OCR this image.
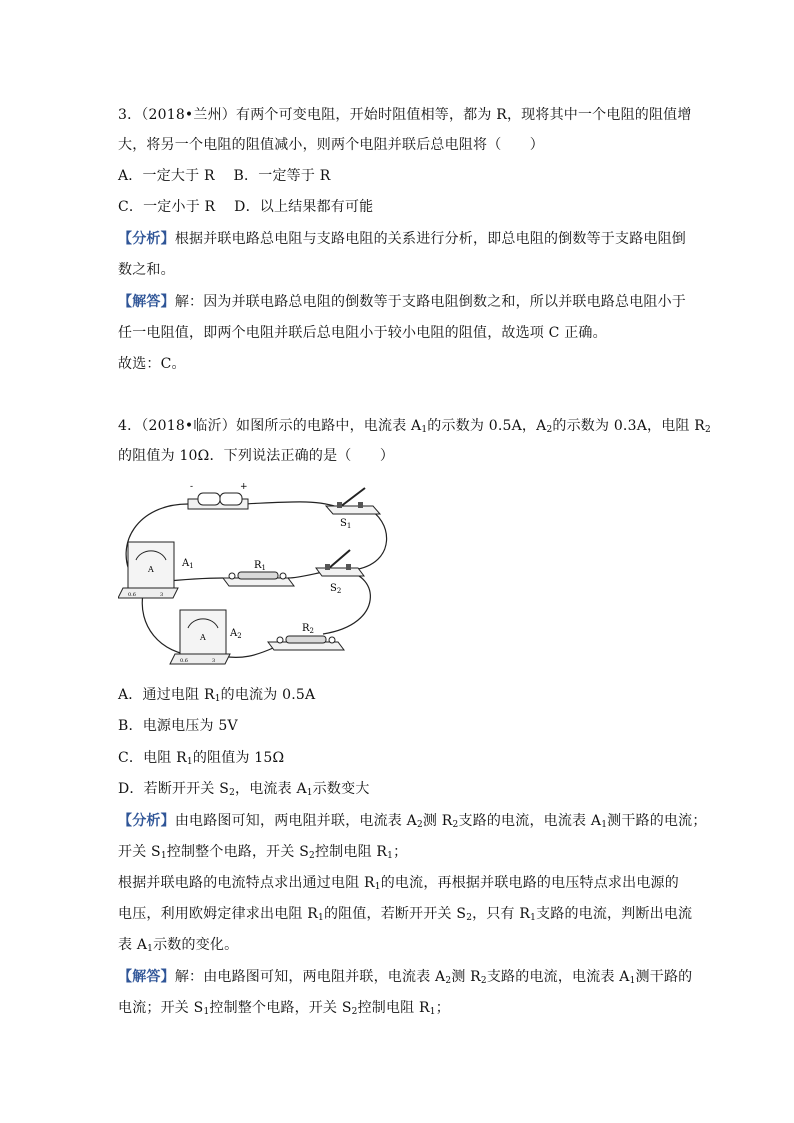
3．（2018•兰州）有两个可变电阻，开始时阻值相等，都为 R，现将其中一个电阻的阻值增
大，将另一个电阻的阻值减小，则两个电阻并联后总电阻将（　　）
A．一定大于 R　 B．一定等于 R
C．一定小于 R　 D．以上结果都有可能
【分析】根据并联电路总电阻与支路电阻的关系进行分析，即总电阻的倒数等于支路电阻倒
数之和。
【解答】解：因为并联电路总电阻的倒数等于支路电阻倒数之和，所以并联电路总电阻小于
任一电阻值，即两个电阻并联后总电阻小于较小电阻的阻值，故选项 C 正确。
故选：C。
4．（2018•临沂）如图所示的电路中，电流表 $A_1$的示数为 0.5A，$A_2$的示数为 0.3A，电阻 $R_2$
的阻值为 10Ω．下列说法正确的是（　　）
-	+
$S_1$
A
0.6	3
$A_1$	$R_1$
$S_2$
A
0.6	3
$A_2$
$R_2$
A．通过电阻 $R_1$的电流为 0.5A
B．电源电压为 5V
C．电阻 $R_1$的阻值为 15Ω
D．若断开开关 $S_2$，电流表 $A_1$示数变大
【分析】由电路图可知，两电阻并联，电流表 $A_2$测 $R_2$支路的电流，电流表 $A_1$测干路的电流；
开关 $S_1$控制整个电路，开关 $S_2$控制电阻 $R_1$；
根据并联电路的电流特点求出通过电阻 $R_1$的电流，再根据并联电路的电压特点求出电源的
电压，利用欧姆定律求出电阻 $R_1$的阻值，若断开开关 $S_2$，只有 $R_1$支路的电流，判断出电流
表 $A_1$示数的变化。
【解答】解：由电路图可知，两电阻并联，电流表 $A_2$测 $R_2$支路的电流，电流表 $A_1$测干路的
电流；开关 $S_1$控制整个电路，开关 $S_2$控制电阻 $R_1$；
